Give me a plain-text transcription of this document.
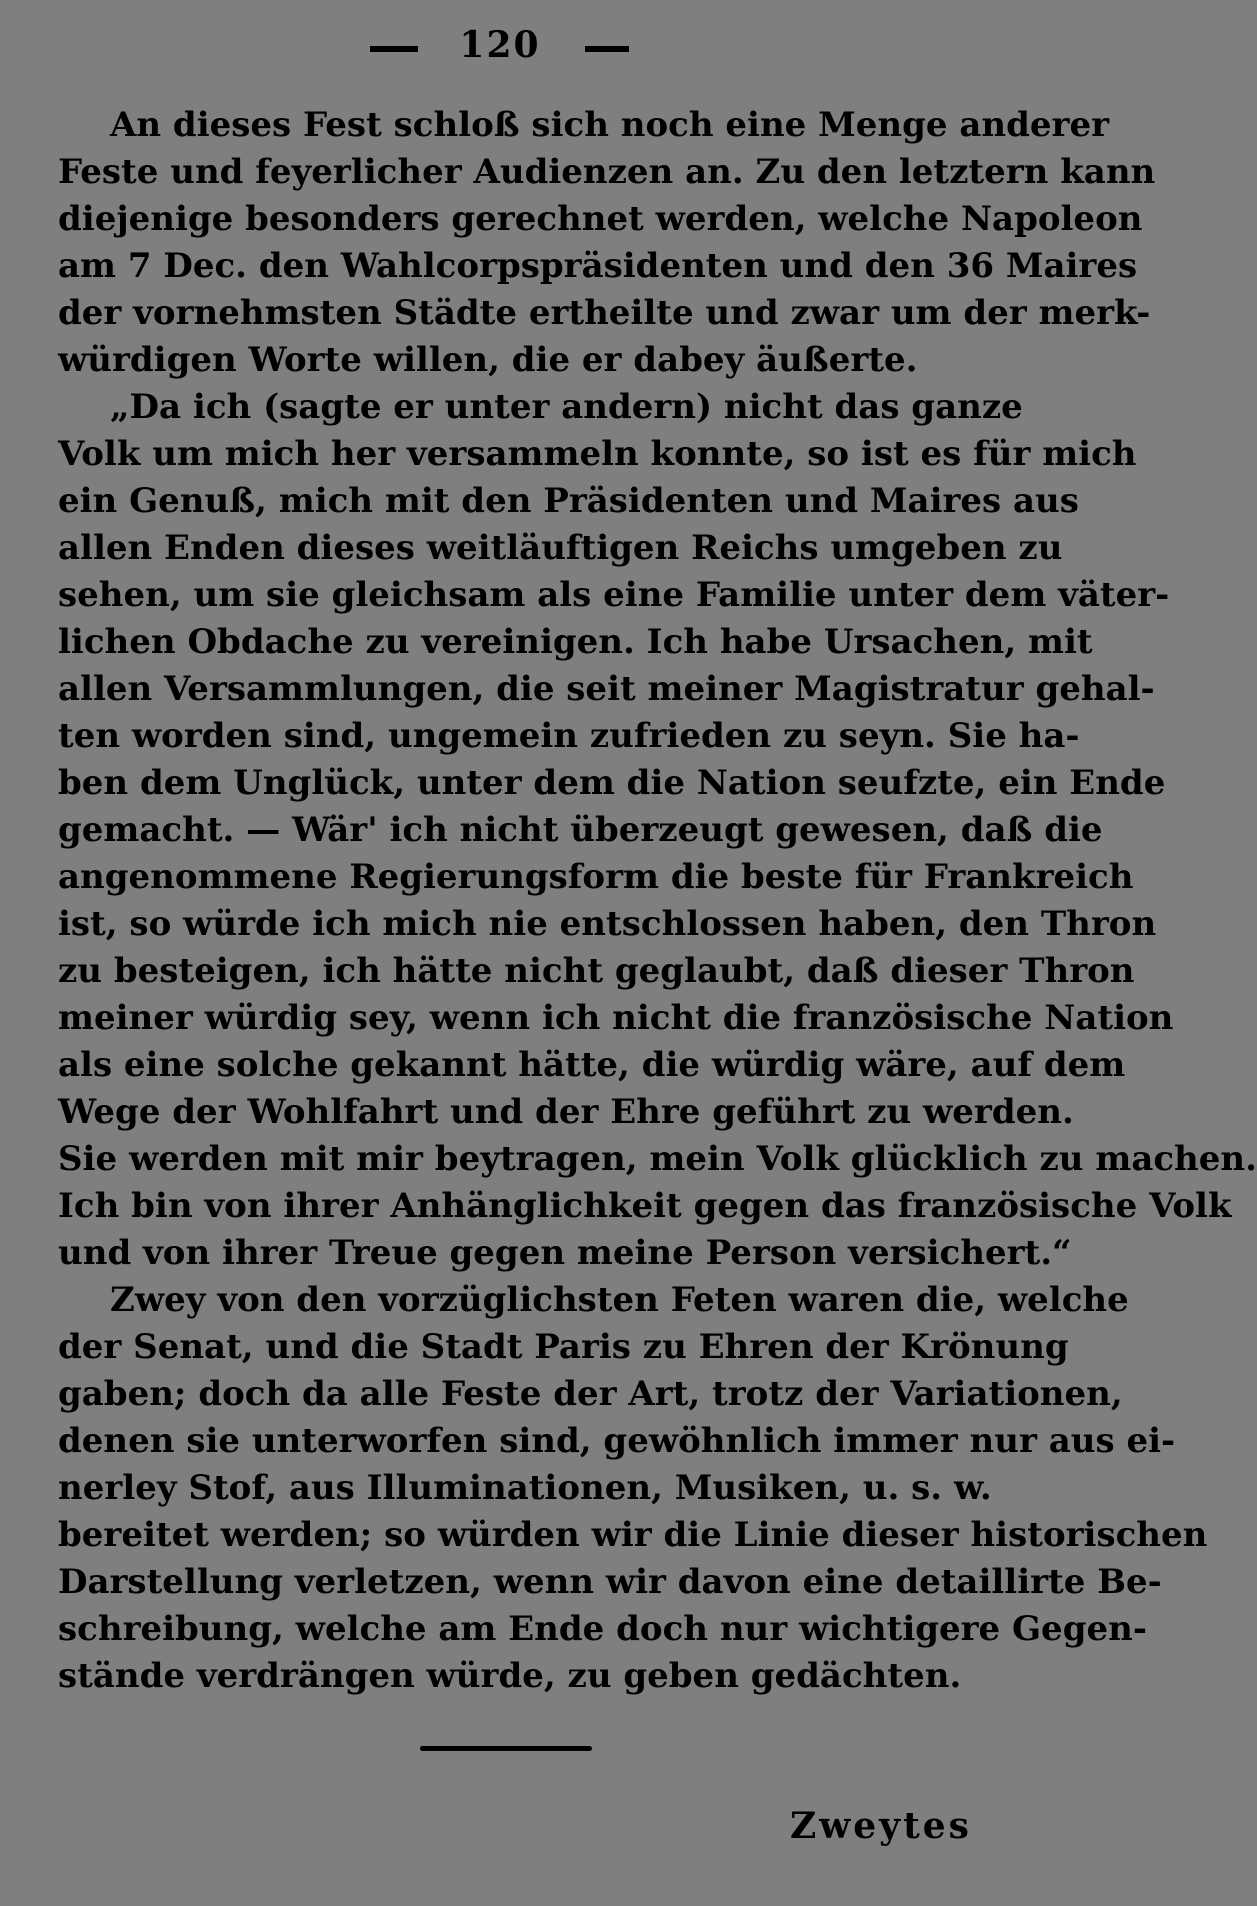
120
An dieses Fest schloß sich noch eine Menge anderer
Feste und feyerlicher Audienzen an. Zu den letztern kann
diejenige besonders gerechnet werden, welche Napoleon
am 7 Dec. den Wahlcorpspräsidenten und den 36 Maires
der vornehmsten Städte ertheilte und zwar um der merk-
würdigen Worte willen, die er dabey äußerte.
„Da ich (sagte er unter andern) nicht das ganze
Volk um mich her versammeln konnte, so ist es für mich
ein Genuß, mich mit den Präsidenten und Maires aus
allen Enden dieses weitläuftigen Reichs umgeben zu
sehen, um sie gleichsam als eine Familie unter dem väter-
lichen Obdache zu vereinigen. Ich habe Ursachen, mit
allen Versammlungen, die seit meiner Magistratur gehal-
ten worden sind, ungemein zufrieden zu seyn. Sie ha-
ben dem Unglück, unter dem die Nation seufzte, ein Ende
gemacht. — Wär' ich nicht überzeugt gewesen, daß die
angenommene Regierungsform die beste für Frankreich
ist, so würde ich mich nie entschlossen haben, den Thron
zu besteigen, ich hätte nicht geglaubt, daß dieser Thron
meiner würdig sey, wenn ich nicht die französische Nation
als eine solche gekannt hätte, die würdig wäre, auf dem
Wege der Wohlfahrt und der Ehre geführt zu werden.
Sie werden mit mir beytragen, mein Volk glücklich zu machen.
Ich bin von ihrer Anhänglichkeit gegen das französische Volk
und von ihrer Treue gegen meine Person versichert.“
Zwey von den vorzüglichsten Feten waren die, welche
der Senat, und die Stadt Paris zu Ehren der Krönung
gaben; doch da alle Feste der Art, trotz der Variationen,
denen sie unterworfen sind, gewöhnlich immer nur aus ei-
nerley Stof, aus Illuminationen, Musiken, u. s. w.
bereitet werden; so würden wir die Linie dieser historischen
Darstellung verletzen, wenn wir davon eine detaillirte Be-
schreibung, welche am Ende doch nur wichtigere Gegen-
stände verdrängen würde, zu geben gedächten.
Zweytes
